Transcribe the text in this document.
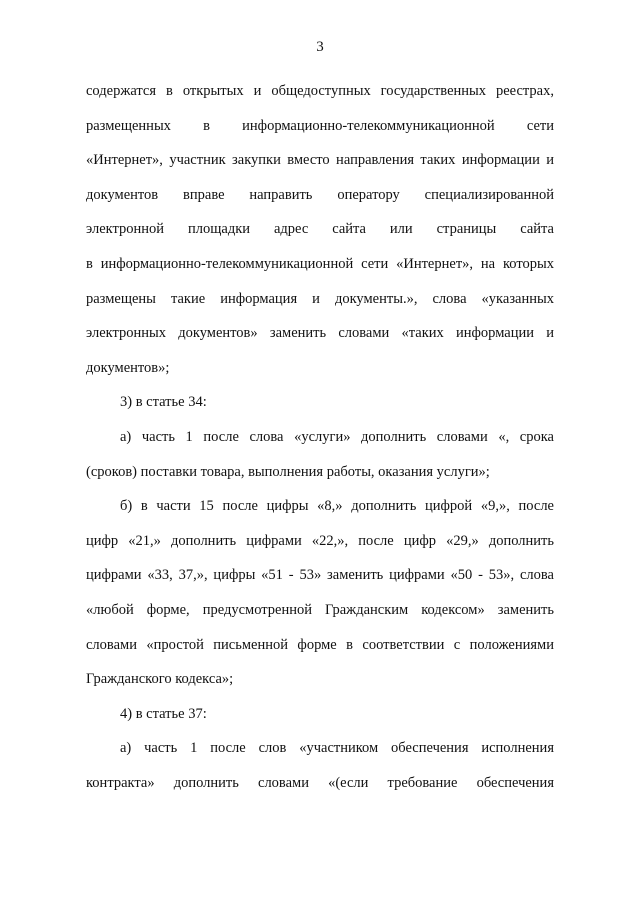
3
содержатся в открытых и общедоступных государственных реестрах,
размещенных в информационно-телекоммуникационной сети
«Интернет», участник закупки вместо направления таких информации и
документов вправе направить оператору специализированной
электронной площадки адрес сайта или страницы сайта
в информационно-телекоммуникационной сети «Интернет», на которых
размещены такие информация и документы.», слова «указанных
электронных документов» заменить словами «таких информации и
документов»;
3) в статье 34:
а) часть 1 после слова «услуги» дополнить словами «, срока
(сроков) поставки товара, выполнения работы, оказания услуги»;
б) в части 15 после цифры «8,» дополнить цифрой «9,», после
цифр «21,» дополнить цифрами «22,», после цифр «29,» дополнить
цифрами «33, 37,», цифры «51 - 53» заменить цифрами «50 - 53», слова
«любой форме, предусмотренной Гражданским кодексом» заменить
словами «простой письменной форме в соответствии с положениями
Гражданского кодекса»;
4) в статье 37:
а) часть 1 после слов «участником обеспечения исполнения
контракта» дополнить словами «(если требование обеспечения
